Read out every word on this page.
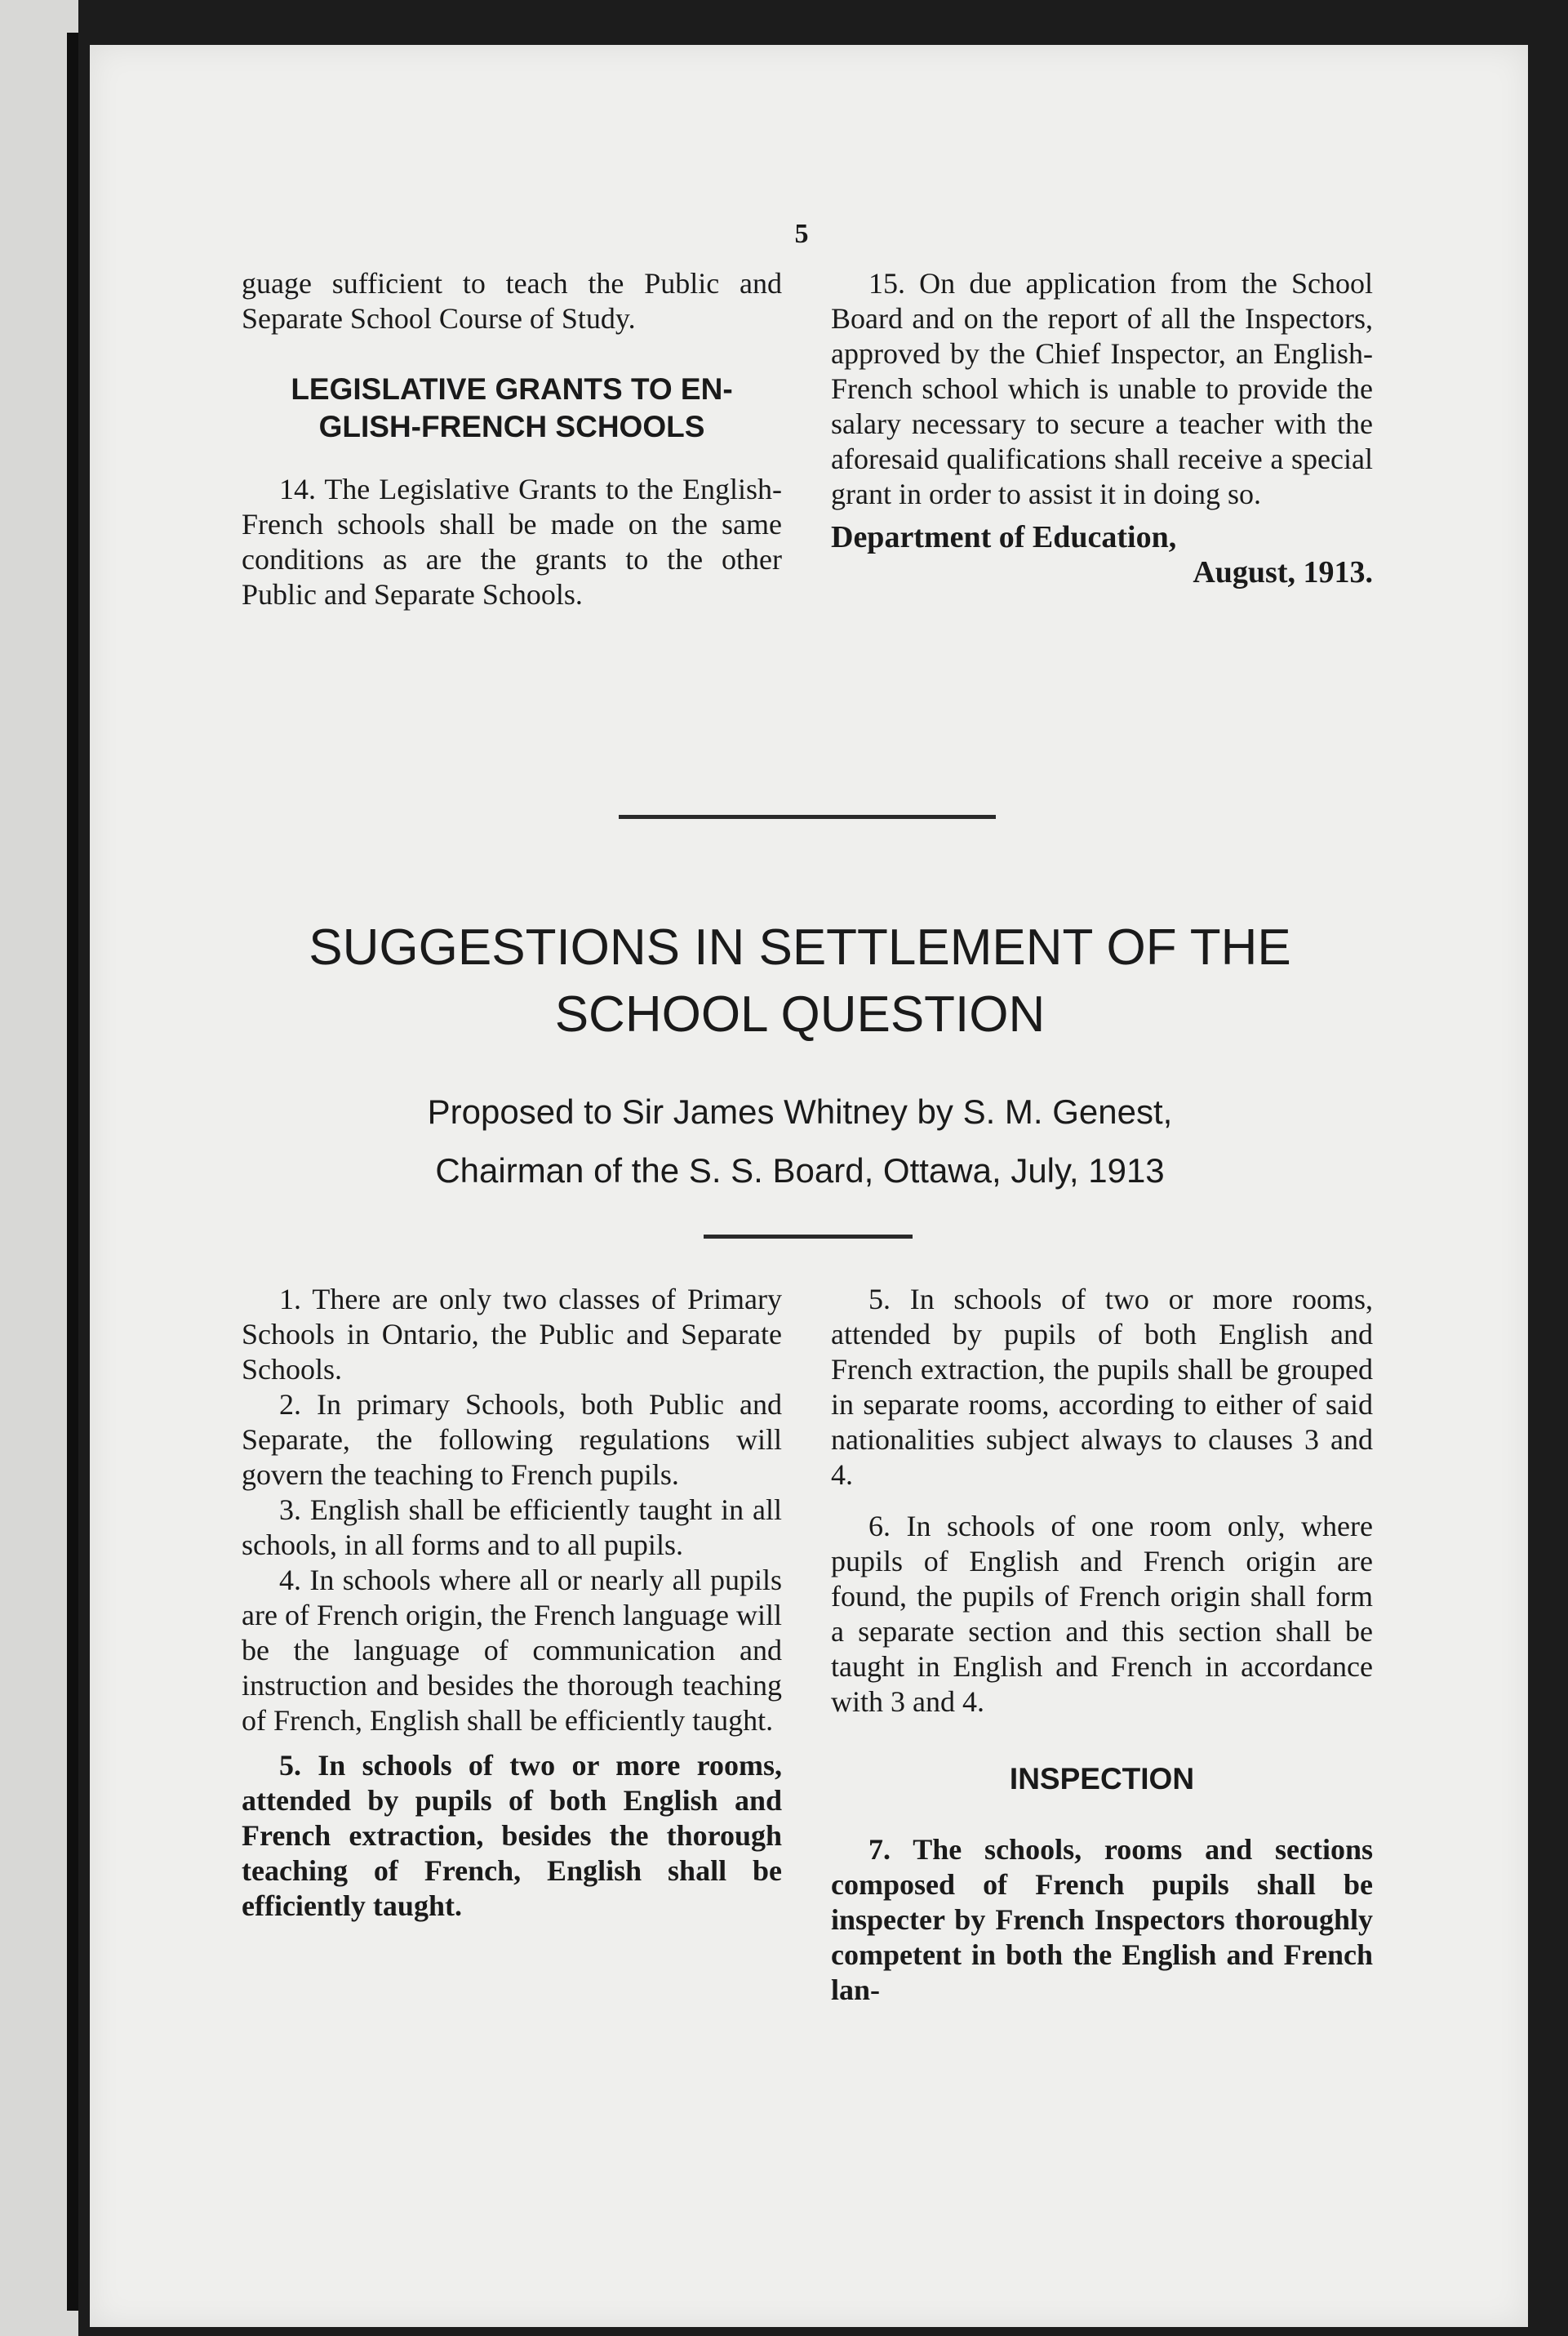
5

guage sufficient to teach the Public and Separate School Course of Study.

LEGISLATIVE GRANTS TO EN-
GLISH-FRENCH SCHOOLS

14. The Legislative Grants to the English-French schools shall be made on the same conditions as are the grants to the other Public and Separate Schools.

15. On due application from the School Board and on the report of all the Inspectors, approved by the Chief Inspector, an English-French school which is unable to provide the salary necessary to secure a teacher with the aforesaid qualifications shall receive a special grant in order to assist it in doing so.

Department of Education,
August, 1913.
SUGGESTIONS IN SETTLEMENT OF THE
SCHOOL QUESTION
Proposed to Sir James Whitney by S. M. Genest,
Chairman of the S. S. Board, Ottawa, July, 1913

1. There are only two classes of Primary Schools in Ontario, the Public and Separate Schools.

2. In primary Schools, both Public and Separate, the following regulations will govern the teaching to French pupils.

3. English shall be efficiently taught in all schools, in all forms and to all pupils.

4. In schools where all or nearly all pupils are of French origin, the French language will be the language of communication and instruction and besides the thorough teaching of French, English shall be efficiently taught.

5. In schools of two or more rooms, attended by pupils of both English and French extraction, besides the thorough teaching of French, English shall be efficiently taught.

5. In schools of two or more rooms, attended by pupils of both English and French extraction, the pupils shall be grouped in separate rooms, according to either of said nationalities subject always to clauses 3 and 4.

6. In schools of one room only, where pupils of English and French origin are found, the pupils of French origin shall form a separate section and this section shall be taught in English and French in accordance with 3 and 4.

INSPECTION

7. The schools, rooms and sections composed of French pupils shall be inspecter by French Inspectors thoroughly competent in both the English and French lan-
